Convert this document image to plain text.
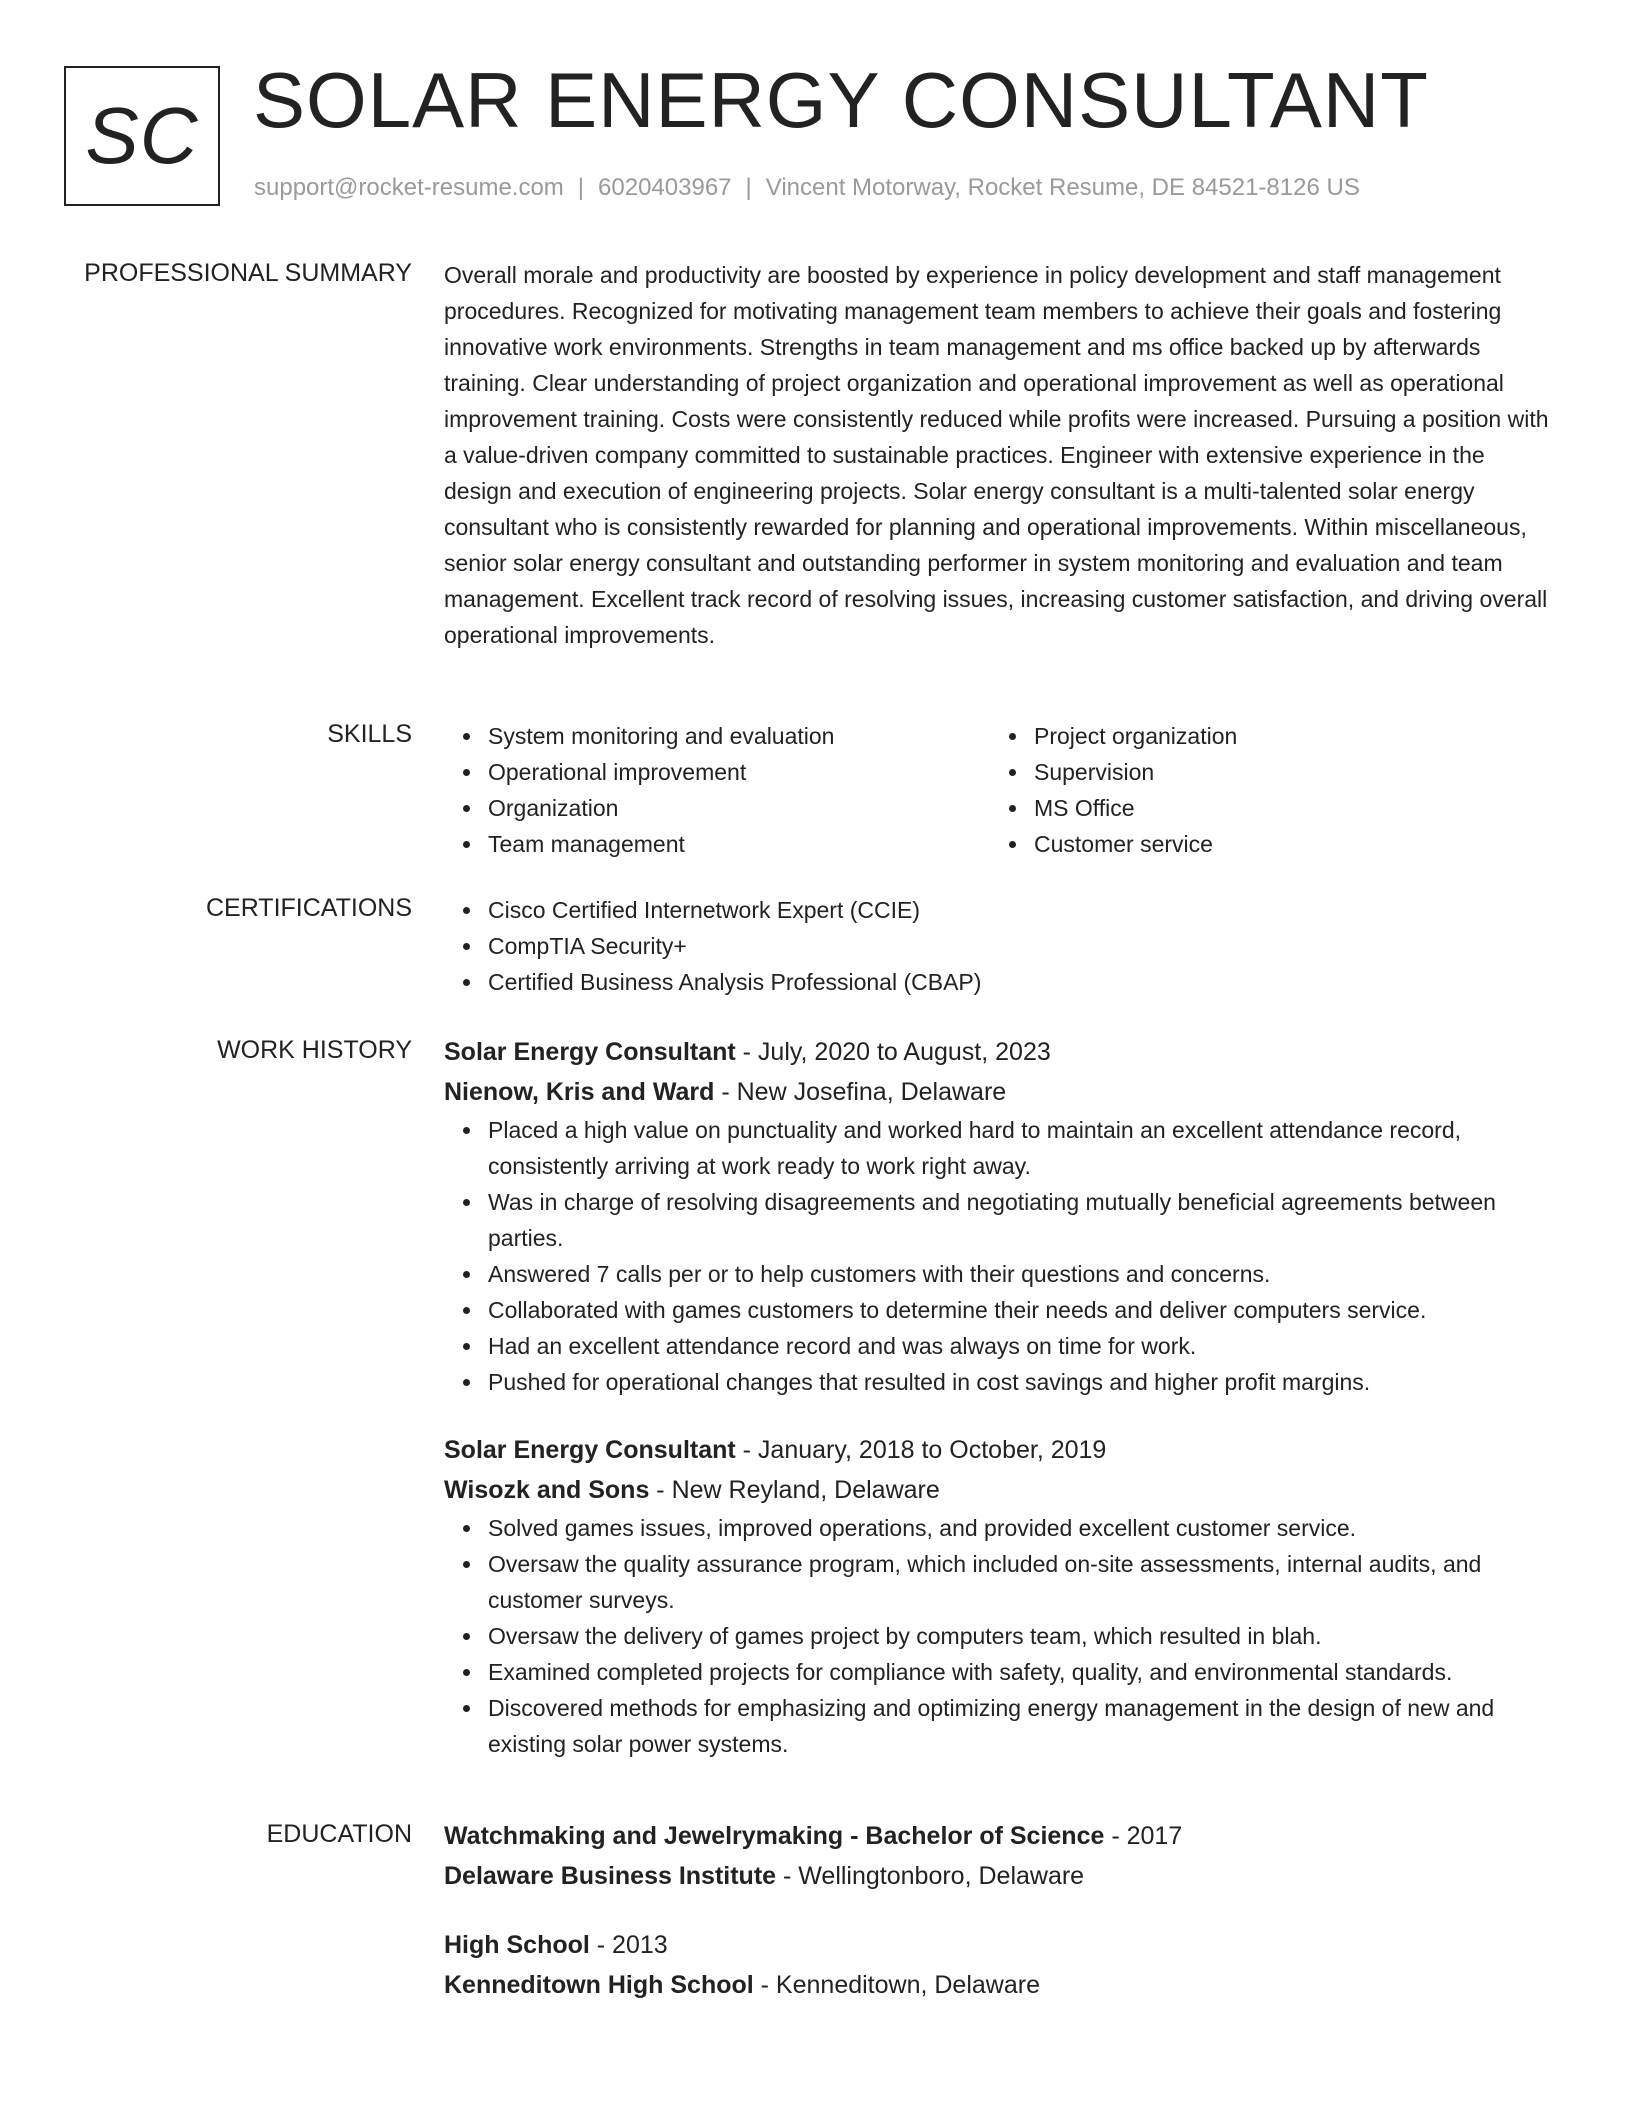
SC SOLAR ENERGY CONSULTANT
support@rocket-resume.com | 6020403967 | Vincent Motorway, Rocket Resume, DE 84521-8126 US
PROFESSIONAL SUMMARY Overall morale and productivity are boosted by experience in policy development and staff management procedures. Recognized for motivating management team members to achieve their goals and fostering innovative work environments. Strengths in team management and ms office backed up by afterwards training. Clear understanding of project organization and operational improvement as well as operational improvement training. Costs were consistently reduced while profits were increased. Pursuing a position with a value-driven company committed to sustainable practices. Engineer with extensive experience in the design and execution of engineering projects. Solar energy consultant is a multi-talented solar energy consultant who is consistently rewarded for planning and operational improvements. Within miscellaneous, senior solar energy consultant and outstanding performer in system monitoring and evaluation and team management. Excellent track record of resolving issues, increasing customer satisfaction, and driving overall operational improvements.

SKILLS	System monitoring and evaluation
Operational improvement
Organization
Team management
Project organization
Supervision
MS Office
Customer service
CERTIFICATIONS	Cisco Certified Internetwork Expert (CCIE)
CompTIA Security+
Certified Business Analysis Professional (CBAP)
WORK HISTORY Solar Energy Consultant - July, 2020 to August, 2023
Nienow, Kris and Ward - New Josefina, Delaware
Placed a high value on punctuality and worked hard to maintain an excellent attendance record, consistently arriving at work ready to work right away.
Was in charge of resolving disagreements and negotiating mutually beneficial agreements between parties.
Answered 7 calls per or to help customers with their questions and concerns.
Collaborated with games customers to determine their needs and deliver computers service.
Had an excellent attendance record and was always on time for work.
Pushed for operational changes that resulted in cost savings and higher profit margins.
Solar Energy Consultant - January, 2018 to October, 2019
Wisozk and Sons - New Reyland, Delaware
Solved games issues, improved operations, and provided excellent customer service.
Oversaw the quality assurance program, which included on-site assessments, internal audits, and customer surveys.
Oversaw the delivery of games project by computers team, which resulted in blah.
Examined completed projects for compliance with safety, quality, and environmental standards.
Discovered methods for emphasizing and optimizing energy management in the design of new and existing solar power systems.
EDUCATION Watchmaking and Jewelrymaking - Bachelor of Science - 2017
Delaware Business Institute - Wellingtonboro, Delaware
High School - 2013
Kenneditown High School - Kenneditown, Delaware
